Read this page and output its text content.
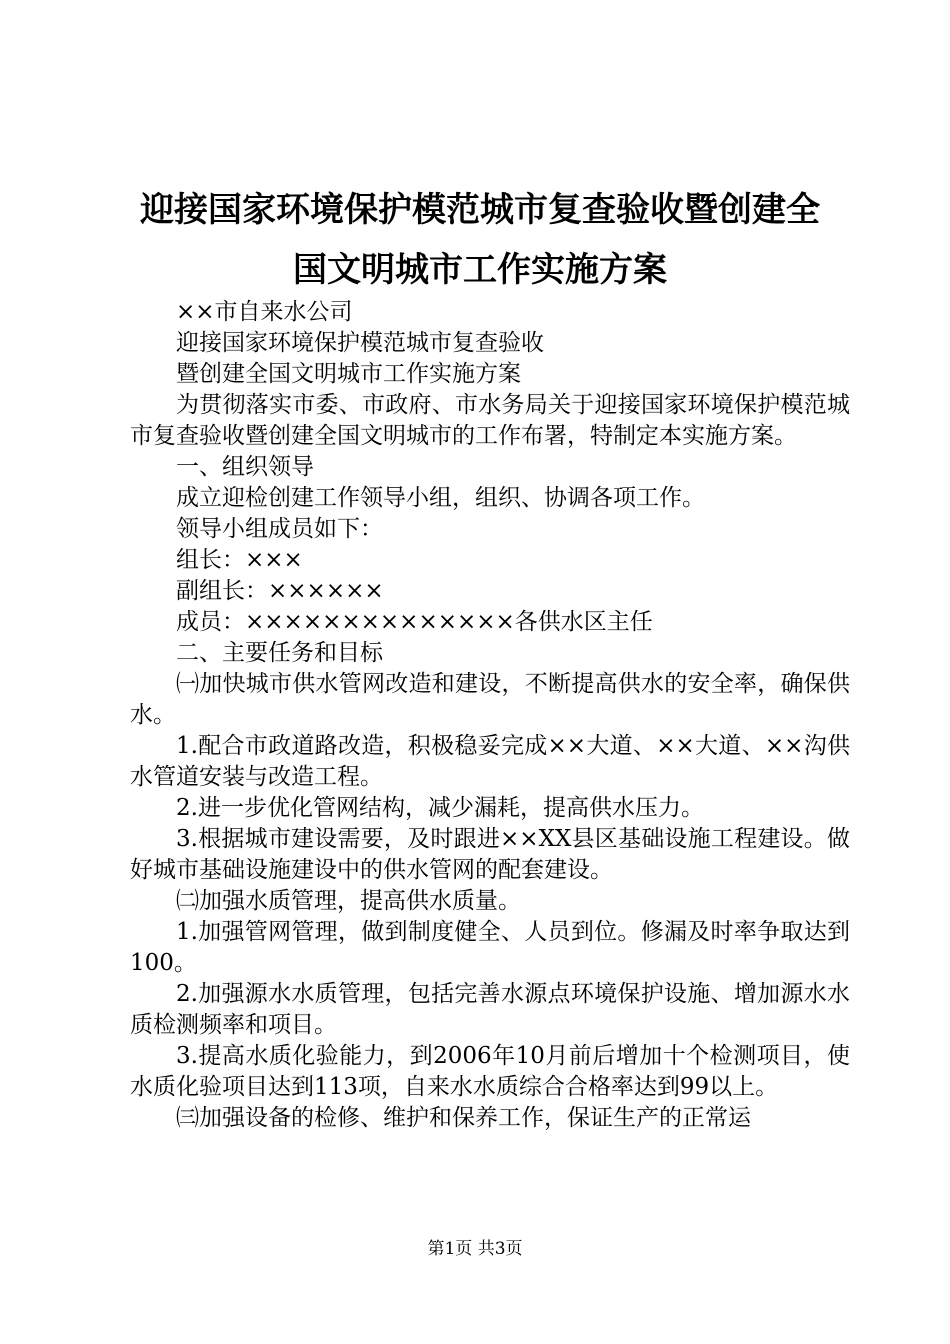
迎接国家环境保护模范城市复查验收暨创建全
国文明城市工作实施方案

××市自来水公司

迎接国家环境保护模范城市复查验收

暨创建全国文明城市工作实施方案

为贯彻落实市委、市政府、市水务局关于迎接国家环境保护模范城市复查验收暨创建全国文明城市的工作布署，特制定本实施方案。

一、组织领导

成立迎检创建工作领导小组，组织、协调各项工作。

领导小组成员如下：

组长：×××

副组长：××××××

成员：××××××××××××××各供水区主任

二、主要任务和目标

㈠加快城市供水管网改造和建设，不断提高供水的安全率，确保供水。

1.配合市政道路改造，积极稳妥完成××大道、××大道、××沟供水管道安装与改造工程。

2.进一步优化管网结构，减少漏耗，提高供水压力。

3.根据城市建设需要，及时跟进××XX县区基础设施工程建设。做好城市基础设施建设中的供水管网的配套建设。

㈡加强水质管理，提高供水质量。

1.加强管网管理，做到制度健全、人员到位。修漏及时率争取达到100。

2.加强源水水质管理，包括完善水源点环境保护设施、增加源水水质检测频率和项目。

3.提高水质化验能力，到2006年10月前后增加十个检测项目，使水质化验项目达到113项，自来水水质综合合格率达到99以上。

㈢加强设备的检修、维护和保养工作，保证生产的正常运

第1页 共3页
